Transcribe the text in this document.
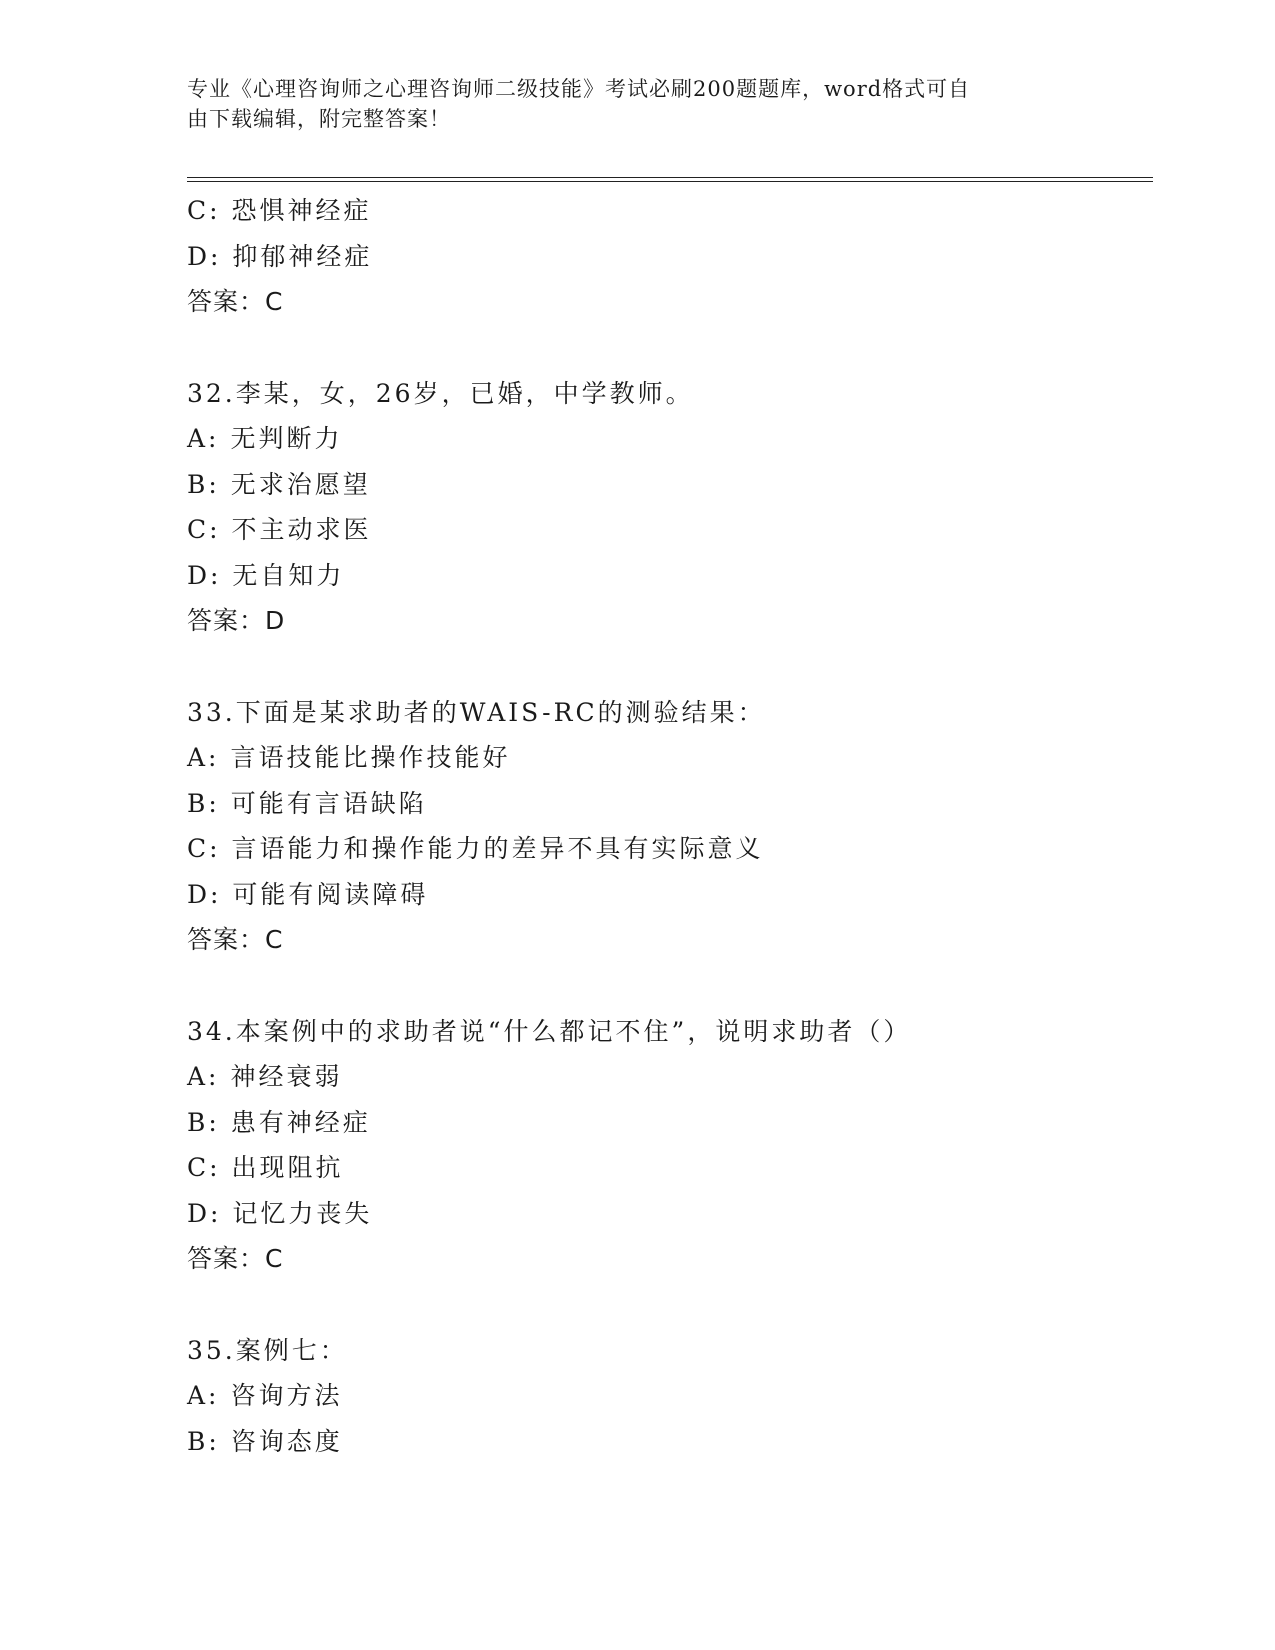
专业《心理咨询师之心理咨询师二级技能》考试必刷200题题库，word格式可自
由下载编辑，附完整答案！
C: 恐惧神经症
D: 抑郁神经症
答案：C
32.李某，女，26岁，已婚，中学教师。
A: 无判断力
B: 无求治愿望
C: 不主动求医
D: 无自知力
答案：D
33.下面是某求助者的WAIS-RC的测验结果：
A: 言语技能比操作技能好
B: 可能有言语缺陷
C: 言语能力和操作能力的差异不具有实际意义
D: 可能有阅读障碍
答案：C
34.本案例中的求助者说“什么都记不住”，说明求助者（）
A: 神经衰弱
B: 患有神经症
C: 出现阻抗
D: 记忆力丧失
答案：C
35.案例七：
A: 咨询方法
B: 咨询态度
